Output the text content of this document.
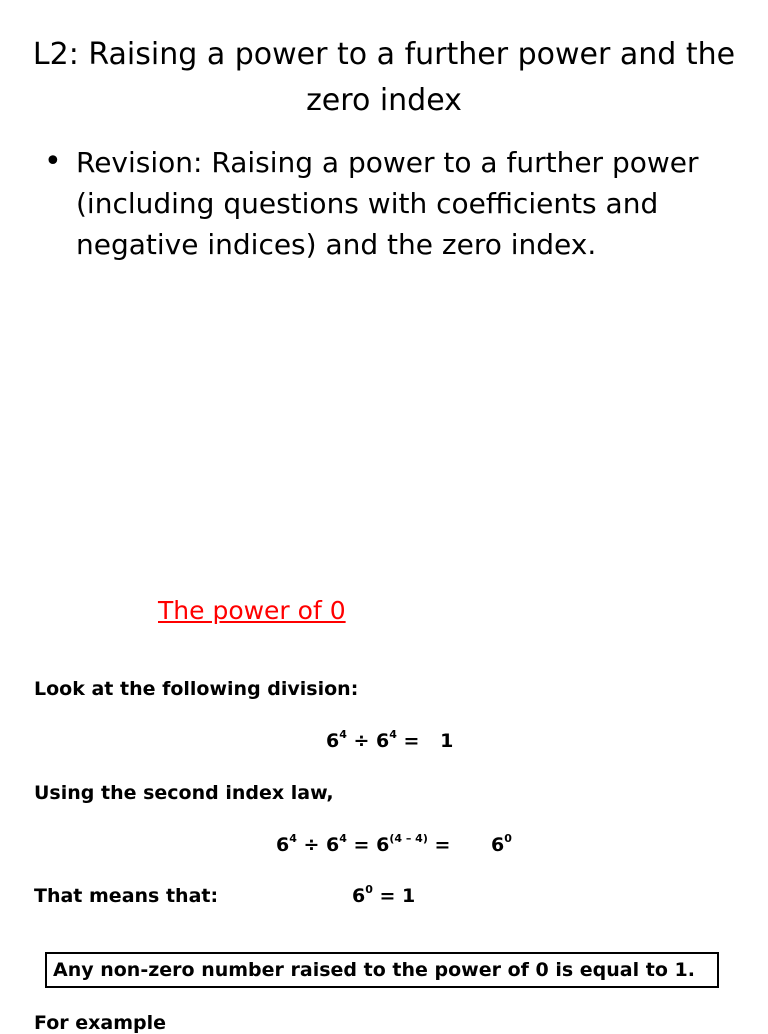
L2: Raising a power to a further power and the zero index
• Revision: Raising a power to a further power (including questions with coefficients and negative indices) and the zero index.
The power of 0
Look at the following division:
$6^4 \div 6^4 = 1$
Using the second index law,
$6^4 \div 6^4 = 6^{(4 - 4)} = 6^0$
That means that:	$6^0 = 1$
Any non-zero number raised to the power of 0 is equal to 1.
For example
